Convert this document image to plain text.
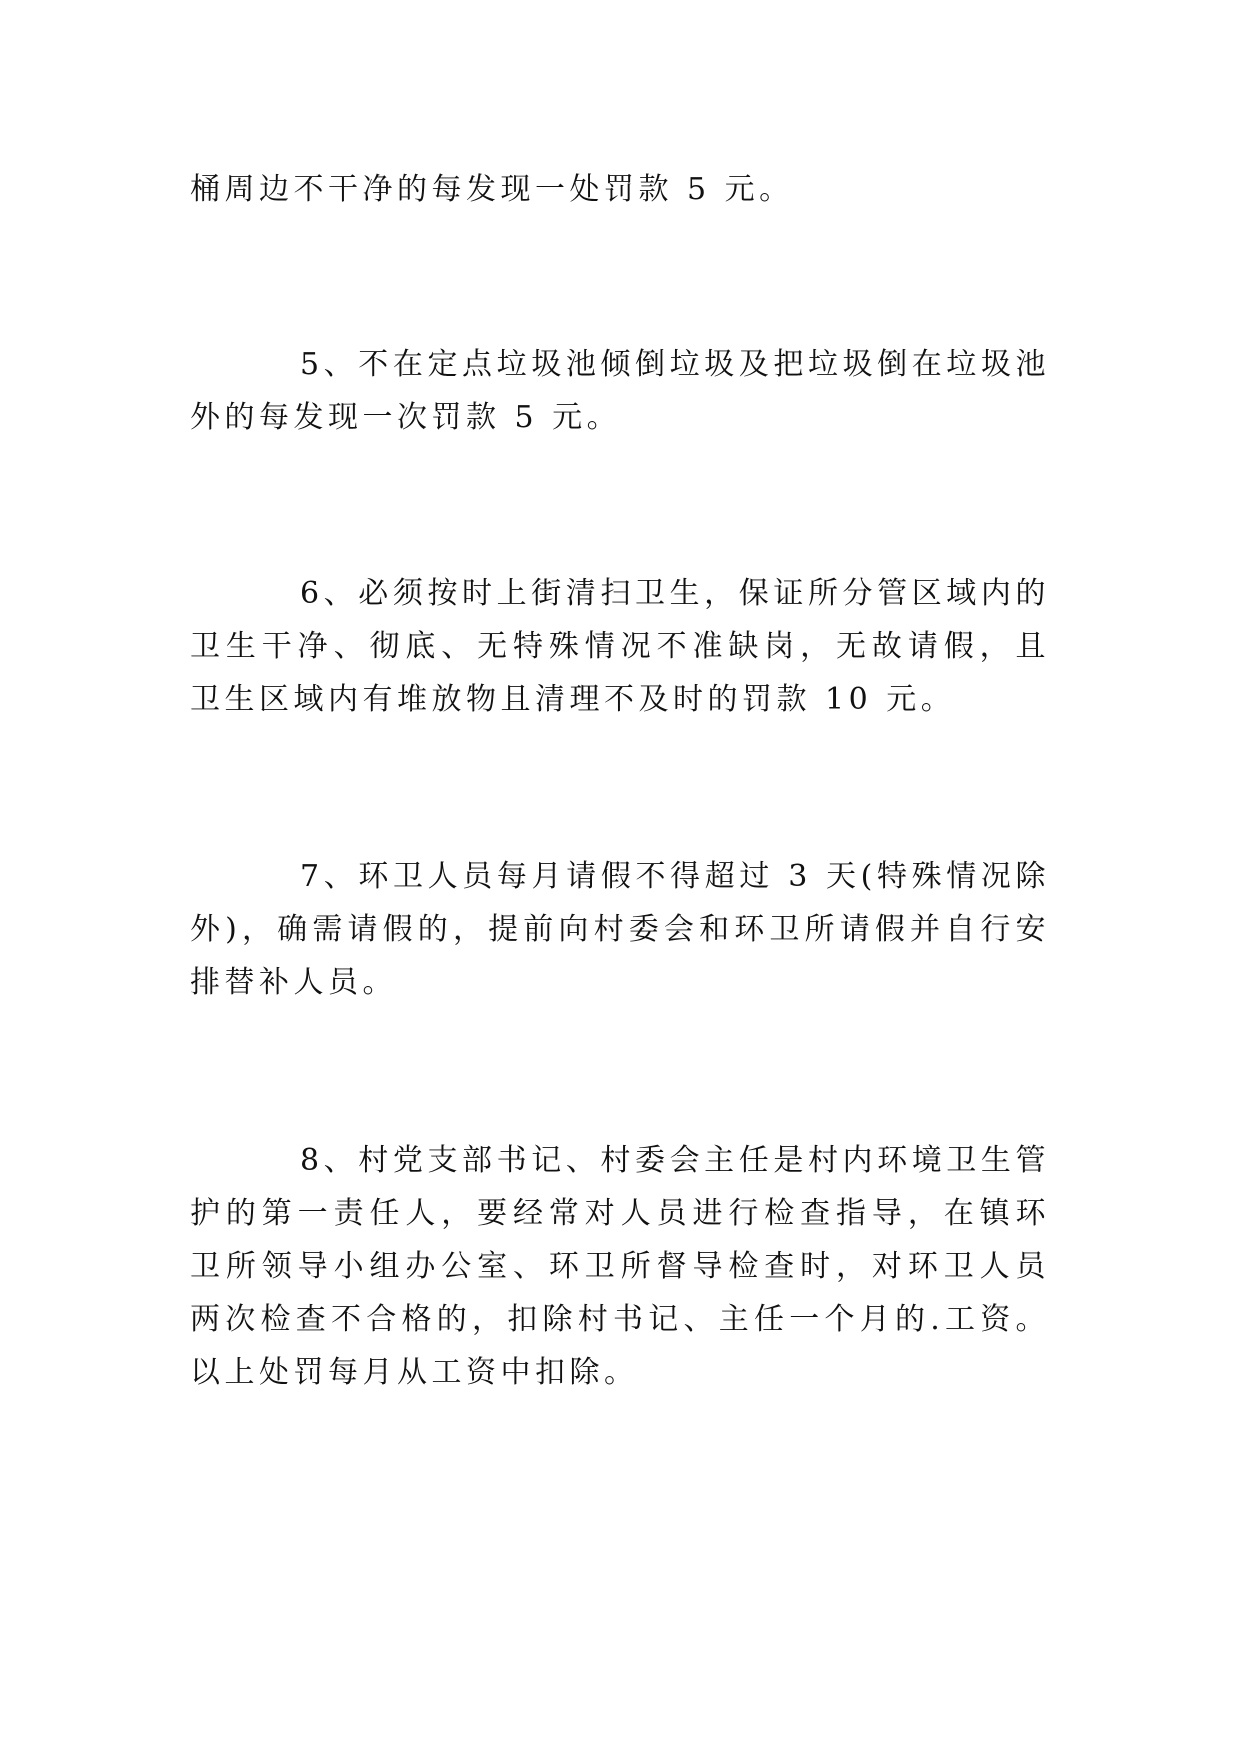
桶周边不干净的每发现一处罚款 5 元。

5、不在定点垃圾池倾倒垃圾及把垃圾倒在垃圾池外的每发现一次罚款 5 元。

6、必须按时上街清扫卫生，保证所分管区域内的卫生干净、彻底、无特殊情况不准缺岗，无故请假，且卫生区域内有堆放物且清理不及时的罚款 10 元。

7、环卫人员每月请假不得超过 3 天(特殊情况除外)，确需请假的，提前向村委会和环卫所请假并自行安排替补人员。

8、村党支部书记、村委会主任是村内环境卫生管护的第一责任人，要经常对人员进行检查指导，在镇环卫所领导小组办公室、环卫所督导检查时，对环卫人员两次检查不合格的，扣除村书记、主任一个月的.工资。以上处罚每月从工资中扣除。
